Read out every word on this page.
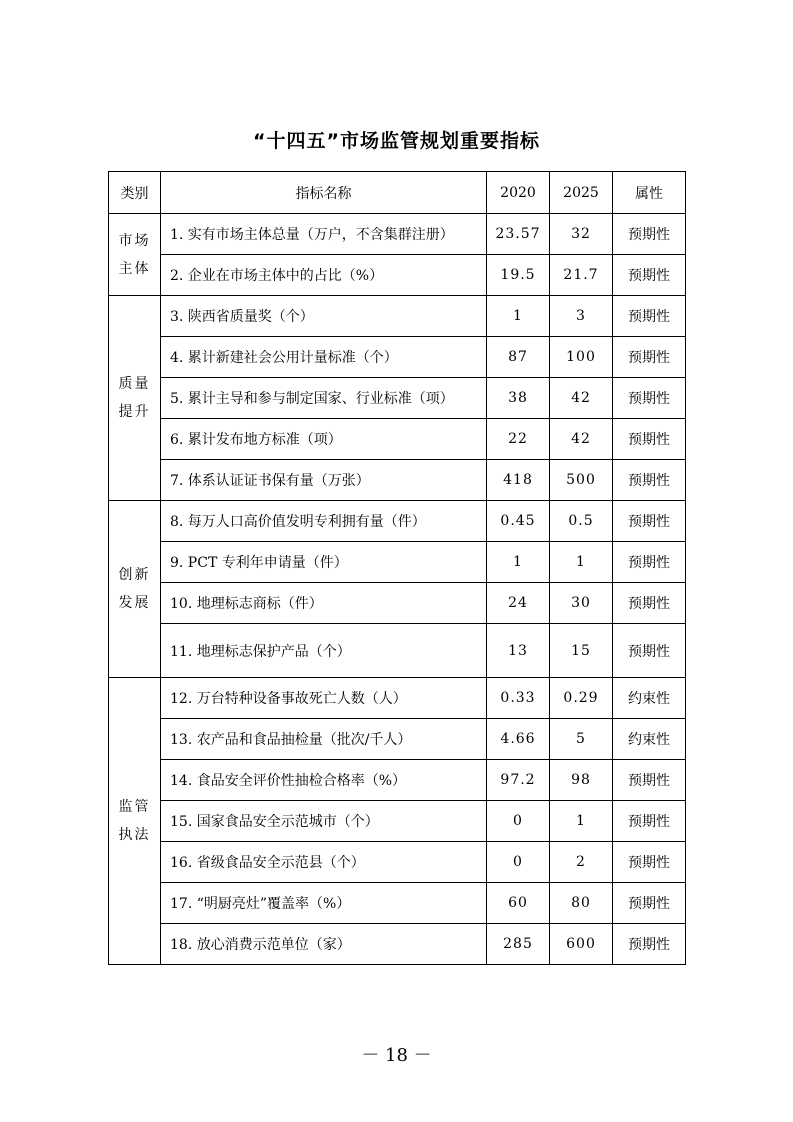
“十四五”市场监管规划重要指标
类别	指标名称	2020	2025	属性

市场
主体	1. 实有市场主体总量（万户，不含集群注册）	23.57	32	预期性
	2. 企业在市场主体中的占比（%）	19.5	21.7	预期性

质量
提升	3. 陕西省质量奖（个）	1	3	预期性
	4. 累计新建社会公用计量标准（个）	87	100	预期性
	5. 累计主导和参与制定国家、行业标准（项）	38	42	预期性
	6. 累计发布地方标准（项）	22	42	预期性
	7. 体系认证证书保有量（万张）	418	500	预期性

创新
发展	8. 每万人口高价值发明专利拥有量（件）	0.45	0.5	预期性
	9. PCT 专利年申请量（件）	1	1	预期性
	10. 地理标志商标（件）	24	30	预期性
	11. 地理标志保护产品（个）	13	15	预期性

监管
执法	12. 万台特种设备事故死亡人数（人）	0.33	0.29	约束性
	13. 农产品和食品抽检量（批次/千人）	4.66	5	约束性
	14. 食品安全评价性抽检合格率（%）	97.2	98	预期性
	15. 国家食品安全示范城市（个）	0	1	预期性
	16. 省级食品安全示范县（个）	0	2	预期性
	17. “明厨亮灶”覆盖率（%）	60	80	预期性
	18. 放心消费示范单位（家）	285	600	预期性
－ 18 －
